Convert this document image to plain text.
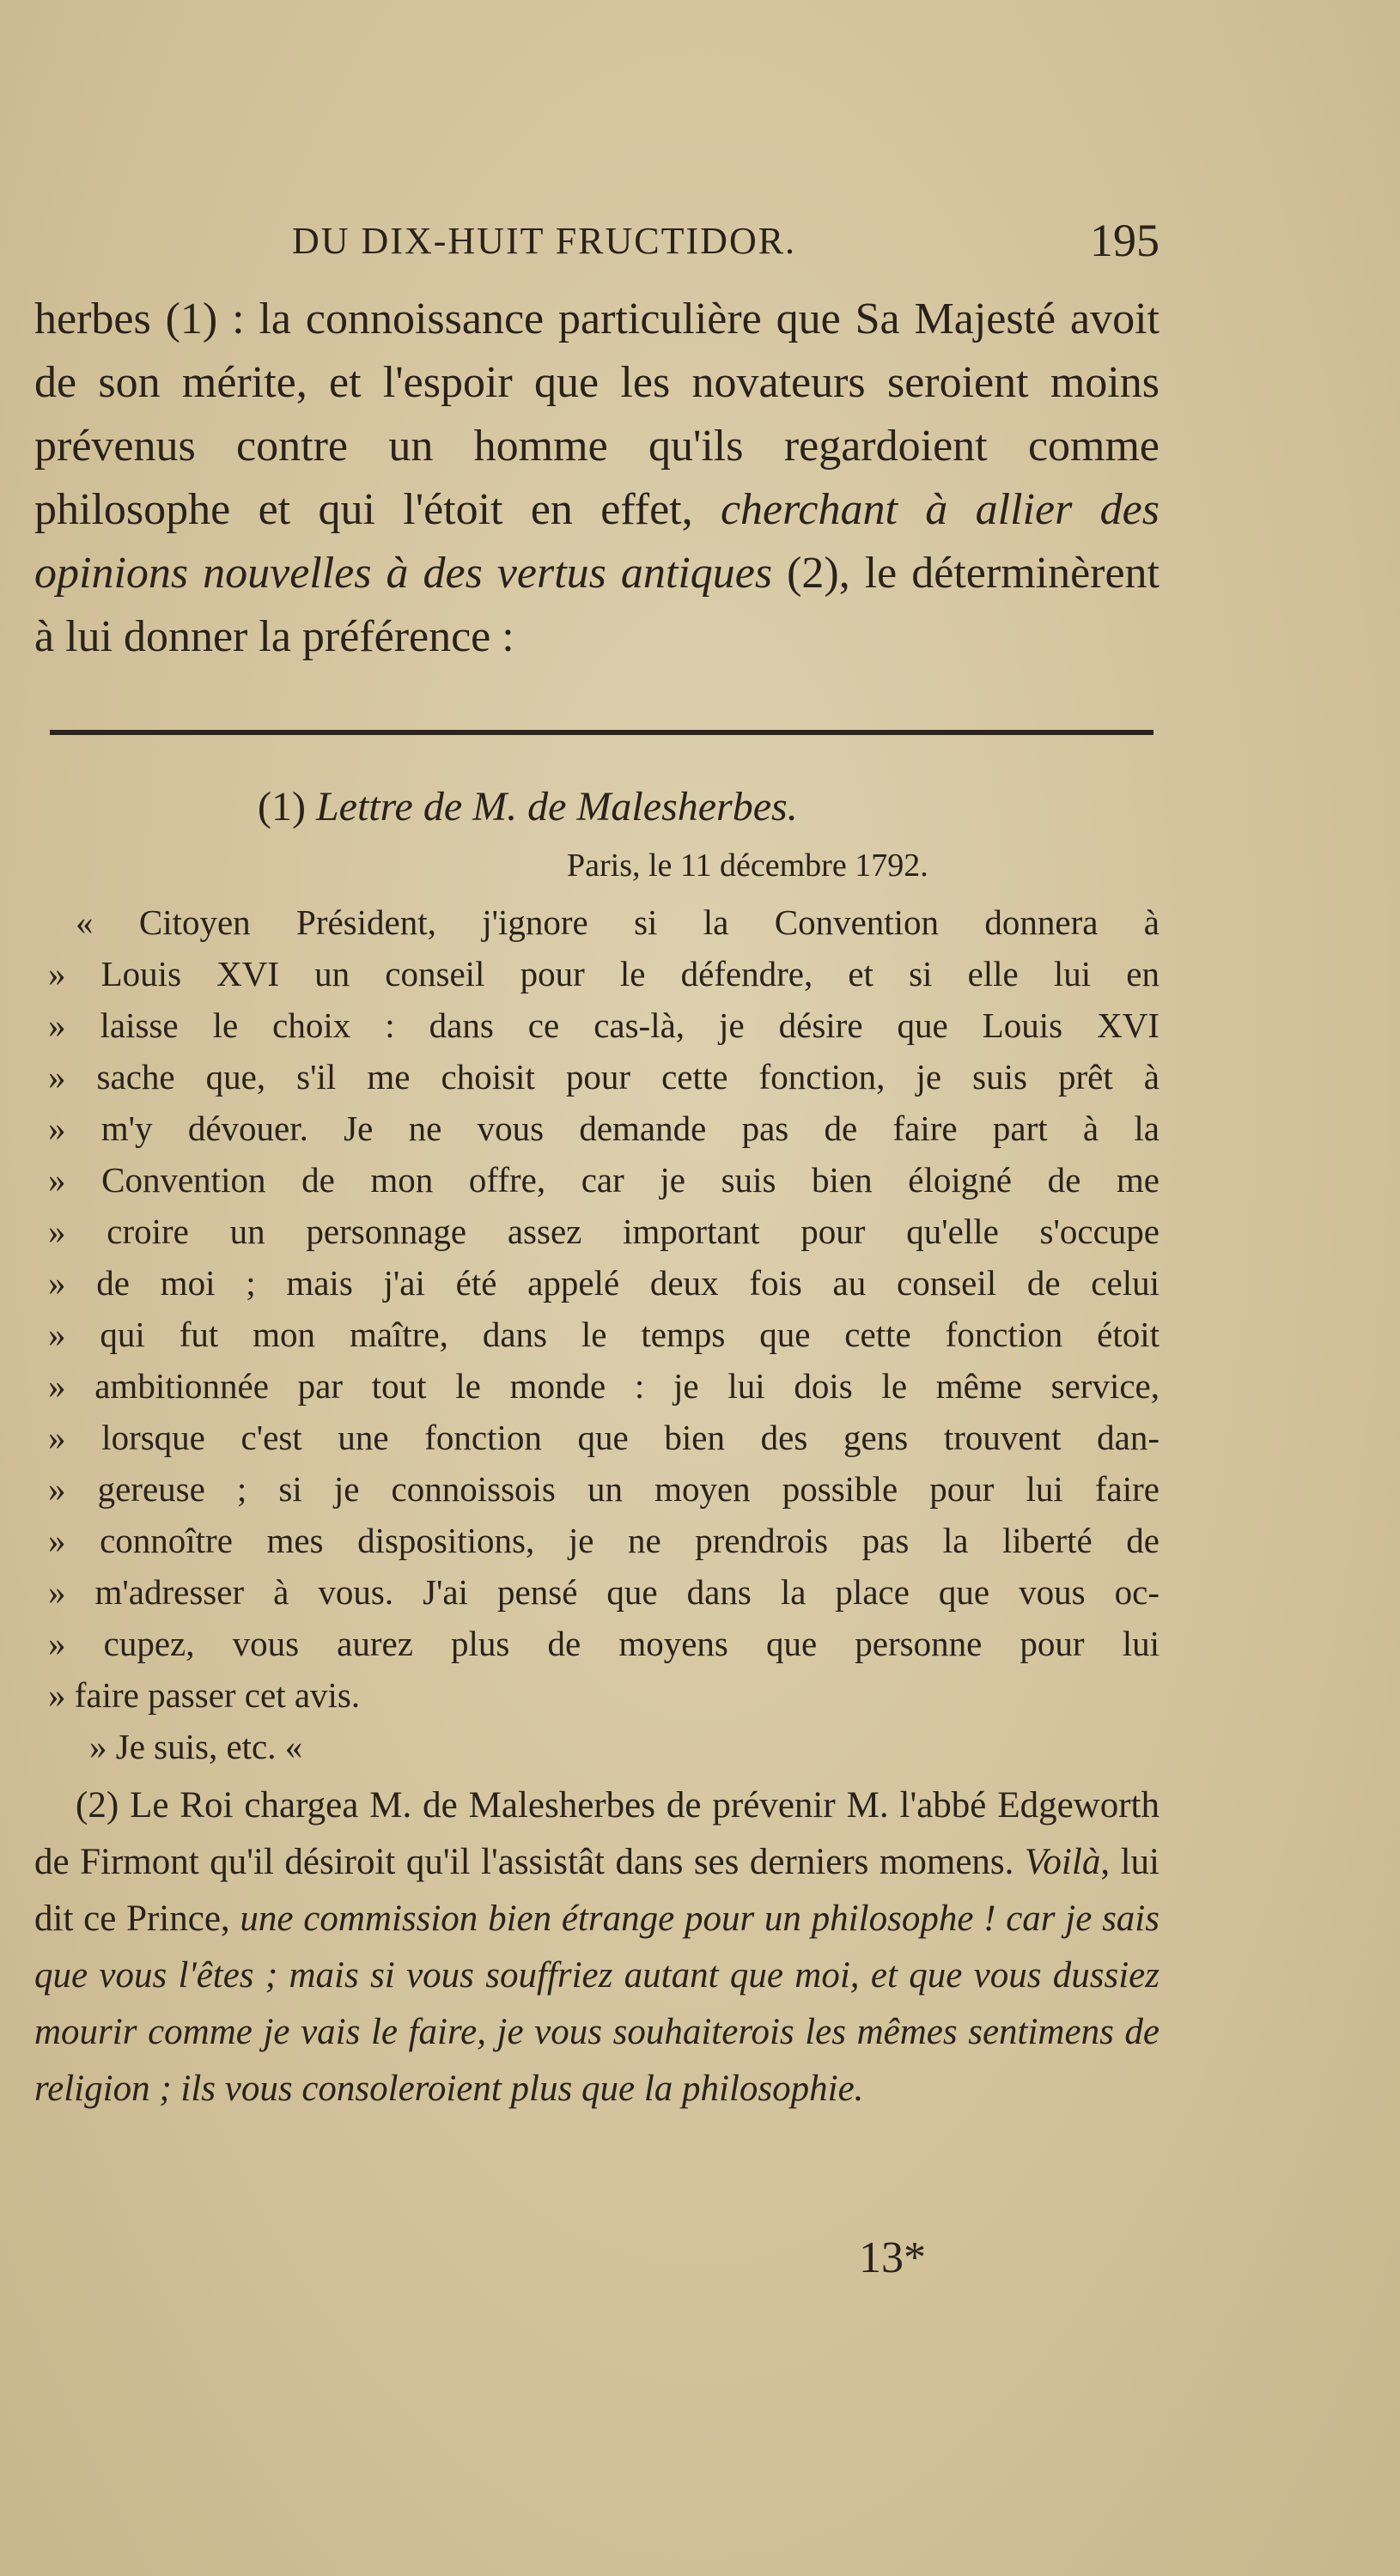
DU DIX-HUIT FRUCTIDOR.	195

herbes (1) : la connoissance particulière que Sa Majesté avoit de son mérite, et l'espoir que les novateurs seroient moins prévenus contre un homme qu'ils regardoient comme philosophe et qui l'étoit en effet, cherchant à allier des opinions nouvelles à des vertus antiques (2), le déterminèrent à lui donner la préférence :

(1) Lettre de M. de Malesherbes.

Paris, le 11 décembre 1792.

« Citoyen Président, j'ignore si la Convention donnera à

» Louis XVI un conseil pour le défendre, et si elle lui en

» laisse le choix : dans ce cas-là, je désire que Louis XVI

» sache que, s'il me choisit pour cette fonction, je suis prêt à

» m'y dévouer. Je ne vous demande pas de faire part à la

» Convention de mon offre, car je suis bien éloigné de me

» croire un personnage assez important pour qu'elle s'occupe

» de moi ; mais j'ai été appelé deux fois au conseil de celui

» qui fut mon maître, dans le temps que cette fonction étoit

» ambitionnée par tout le monde : je lui dois le même service,

» lorsque c'est une fonction que bien des gens trouvent dan-

» gereuse ; si je connoissois un moyen possible pour lui faire

» connoître mes dispositions, je ne prendrois pas la liberté de

» m'adresser à vous. J'ai pensé que dans la place que vous oc-

» cupez, vous aurez plus de moyens que personne pour lui

» faire passer cet avis.

» Je suis, etc. «

(2) Le Roi chargea M. de Malesherbes de prévenir M. l'abbé Edgeworth de Firmont qu'il désiroit qu'il l'assistât dans ses derniers momens. Voilà, lui dit ce Prince, une commission bien étrange pour un philosophe ! car je sais que vous l'êtes ; mais si vous souffriez autant que moi, et que vous dussiez mourir comme je vais le faire, je vous souhaiterois les mêmes sentimens de religion ; ils vous consoleroient plus que la philosophie.

13*
